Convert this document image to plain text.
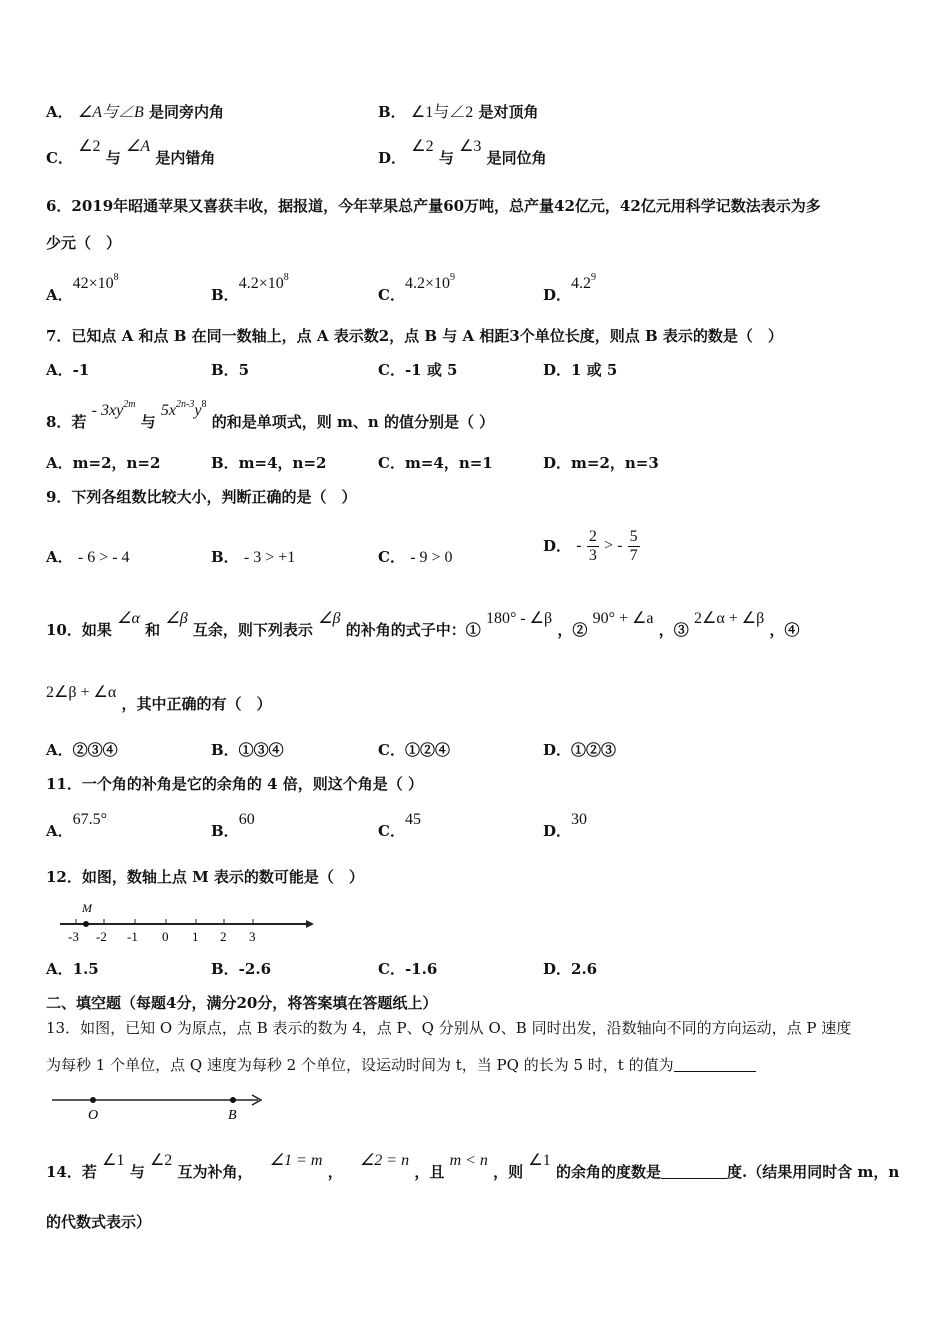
A． ∠A与∠B 是同旁内角	B． ∠1与∠2 是对顶角
C． ∠2 与 ∠A 是内错角	D． ∠2 与 ∠3 是同位角
6．2019年昭通苹果又喜获丰收，据报道，今年苹果总产量60万吨，总产量42亿元，42亿元用科学记数法表示为多
少元（　）
A．$42\times 10^8$
B．$4.2\times 10^8$
C．$4.2\times 10^9$
D．$4.2^9$
7．已知点 A 和点 B 在同一数轴上，点 A 表示数2，点 B 与 A 相距3个单位长度，则点 B 表示的数是（　）
A．-1	B．5	C．-1 或 5	D．1 或 5
8．若 - $3xy^{2m}$ 与 $5x^{2n-3}y^8$ 的和是单项式，则 m、n 的值分别是（ ）
A．m=2，n=2	B．m=4，n=2	C．m=4，n=1	D．m=2，n=3
9．下列各组数比较大小，判断正确的是（　）
A． - 6 > - 4	B． - 3 > +1	C． - 9 > 0
D． - $\frac{2}{3}$ > - $\frac{5}{7}$
10．如果 ∠α 和 ∠β 互余，则下列表示 ∠β 的补角的式子中：① 180° - ∠β ，② 90° + ∠a ，③ 2∠α + ∠β ，④
2∠β + ∠α ，其中正确的有（　）
A．②③④	B．①③④	C．①②④	D．①②③
11．一个角的补角是它的余角的 4 倍，则这个角是（ ）
A．67.5°
B．60
C．45
D．30
12．如图，数轴上点 M 表示的数可能是（　）
M
-3 -2 -1 0 1 2 3
A．1.5	B．-2.6	C．-1.6	D．2.6
二、填空题（每题4分，满分20分，将答案填在答题纸上）
13．如图，已知 O 为原点，点 B 表示的数为 4，点 P、Q 分别从 O、B 同时出发，沿数轴向不同的方向运动，点 P 速度
为每秒 1 个单位，点 Q 速度为每秒 2 个单位，设运动时间为 t，当 PQ 的长为 5 时，t 的值为
O	B
14．若 ∠1 与 ∠2 互为补角， ∠1 = m ， ∠2 = n ，且 m < n ，则 ∠1 的余角的度数是	度.（结果用同时含 m，n
的代数式表示）
